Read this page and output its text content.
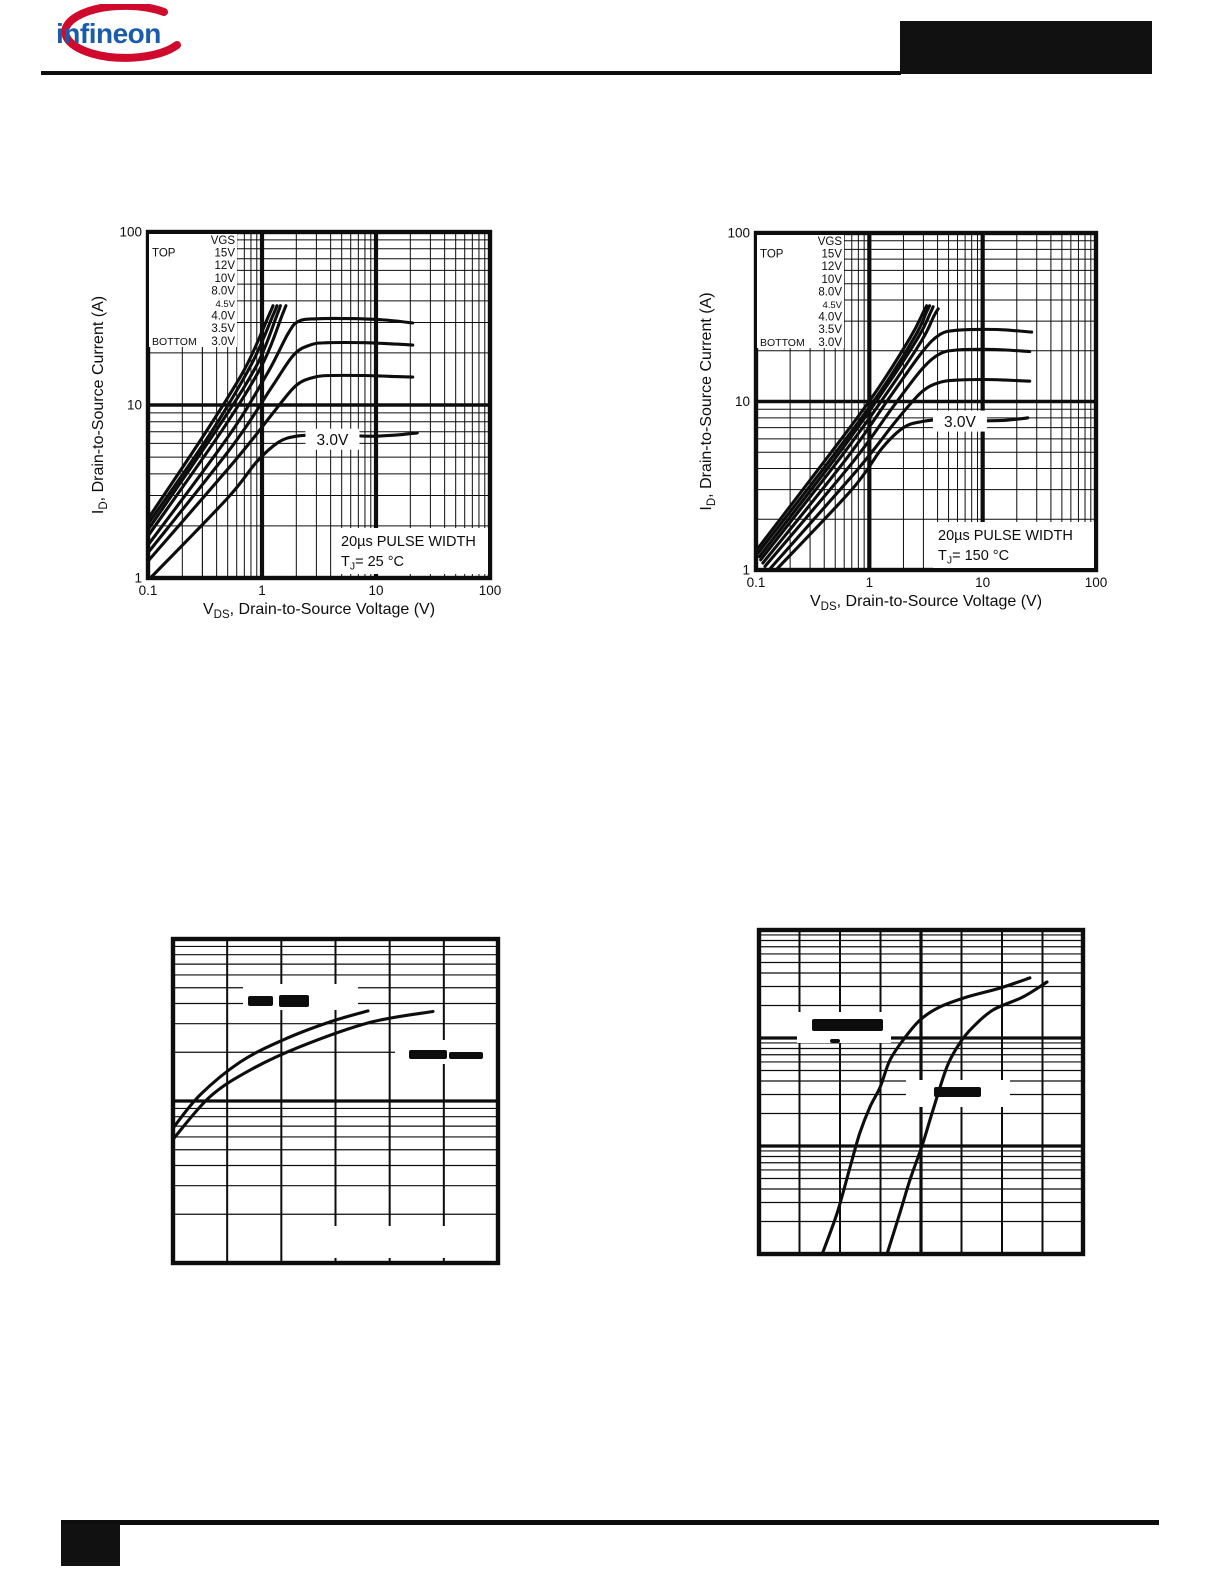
infineon
VGS
TOP	15V
12V
10V
8.0V
4.5V
4.0V
3.5V
BOTTOM 3.0V
20µs PULSE WIDTH
$T_J= 25$ °C
3.0V
0.1	1	10	100
1
10
100
$V_{DS}$, Drain-to-Source Voltage (V)
$I_D$, Drain-to-Source Current (A)
VGS
TOP	15V
12V
10V
8.0V
4.5V
4.0V
3.5V
BOTTOM 3.0V
20µs PULSE WIDTH
$T_J= 150$ °C
3.0V
0.1	1	10	100
1
10
100
$V_{DS}$, Drain-to-Source Voltage (V)
$I_D$, Drain-to-Source Current (A)
